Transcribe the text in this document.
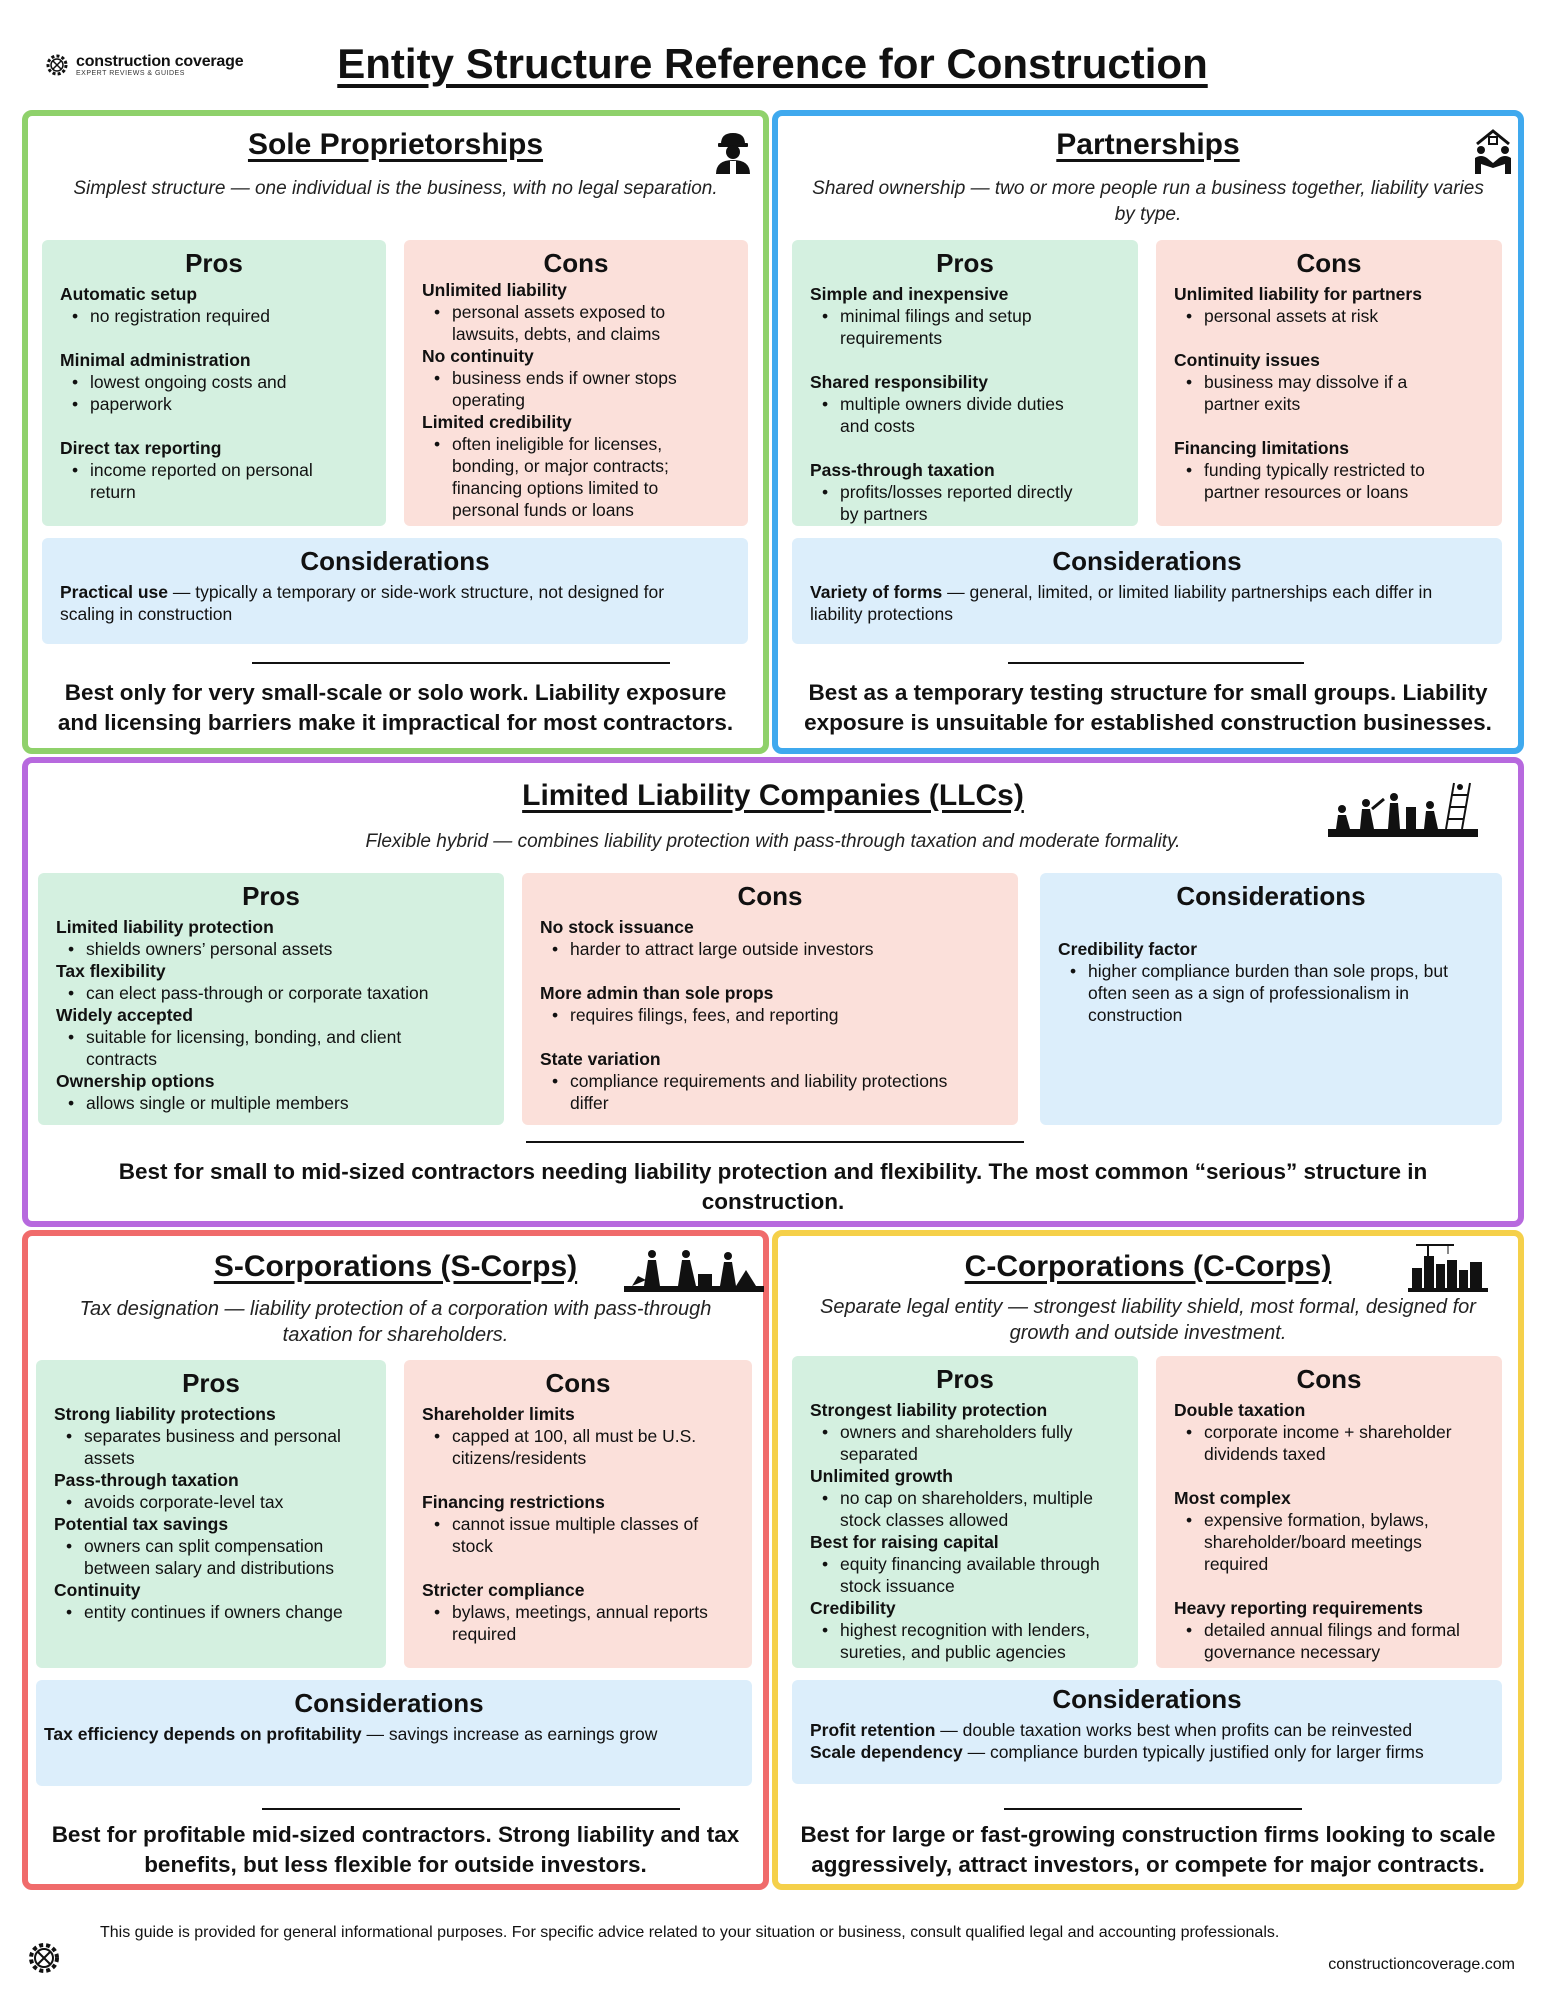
construction coverage
EXPERT REVIEWS & GUIDES	Entity Structure Reference for Construction
Sole Proprietorships
Simplest structure — one individual is the business, with no legal separation.
Pros
Automatic setup
• no registration required
Minimal administration
• lowest ongoing costs and
• paperwork
Direct tax reporting
• income reported on personal
return
Cons
Unlimited liability
• personal assets exposed to
lawsuits, debts, and claims
No continuity
• business ends if owner stops
operating
Limited credibility
• often ineligible for licenses,
bonding, or major contracts;
financing options limited to
personal funds or loans
Considerations
Practical use — typically a temporary or side-work structure, not designed for
scaling in construction
Best only for very small-scale or solo work. Liability exposure
and licensing barriers make it impractical for most contractors.
Partnerships
Shared ownership — two or more people run a business together, liability varies by type.
Pros
Simple and inexpensive
• minimal filings and setup
requirements
Shared responsibility
• multiple owners divide duties
and costs
Pass-through taxation
• profits/losses reported directly
by partners
Cons
Unlimited liability for partners
• personal assets at risk
Continuity issues
• business may dissolve if a
partner exits
Financing limitations
• funding typically restricted to
partner resources or loans
Considerations
Variety of forms — general, limited, or limited liability partnerships each differ in
liability protections
Best as a temporary testing structure for small groups. Liability
exposure is unsuitable for established construction businesses.
Limited Liability Companies (LLCs)
Flexible hybrid — combines liability protection with pass-through taxation and moderate formality.
Pros
Limited liability protection
• shields owners’ personal assets
Tax flexibility
• can elect pass-through or corporate taxation
Widely accepted
• suitable for licensing, bonding, and client
contracts
Ownership options
• allows single or multiple members
Cons
No stock issuance
• harder to attract large outside investors
More admin than sole props
• requires filings, fees, and reporting
State variation
• compliance requirements and liability protections
differ
Considerations
Credibility factor
• higher compliance burden than sole props, but
often seen as a sign of professionalism in
construction
Best for small to mid-sized contractors needing liability protection and flexibility. The most common “serious” structure in
construction.
S-Corporations (S-Corps)
Tax designation — liability protection of a corporation with pass-through taxation for shareholders.
Pros
Strong liability protections
• separates business and personal
assets
Pass-through taxation
• avoids corporate-level tax
Potential tax savings
• owners can split compensation
between salary and distributions
Continuity
• entity continues if owners change
Cons
Shareholder limits
• capped at 100, all must be U.S.
citizens/residents
Financing restrictions
• cannot issue multiple classes of
stock
Stricter compliance
• bylaws, meetings, annual reports
required
Considerations
Tax efficiency depends on profitability — savings increase as earnings grow
Best for profitable mid-sized contractors. Strong liability and tax
benefits, but less flexible for outside investors.
C-Corporations (C-Corps)
Separate legal entity — strongest liability shield, most formal, designed for growth and outside investment.
Pros
Strongest liability protection
• owners and shareholders fully
separated
Unlimited growth
• no cap on shareholders, multiple
stock classes allowed
Best for raising capital
• equity financing available through
stock issuance
Credibility
• highest recognition with lenders,
sureties, and public agencies
Cons
Double taxation
• corporate income + shareholder
dividends taxed
Most complex
• expensive formation, bylaws,
shareholder/board meetings
required
Heavy reporting requirements
• detailed annual filings and formal
governance necessary
Considerations
Profit retention — double taxation works best when profits can be reinvested
Scale dependency — compliance burden typically justified only for larger firms
Best for large or fast-growing construction firms looking to scale
aggressively, attract investors, or compete for major contracts.
This guide is provided for general informational purposes. For specific advice related to your situation or business, consult qualified legal and accounting professionals.
constructioncoverage.com
